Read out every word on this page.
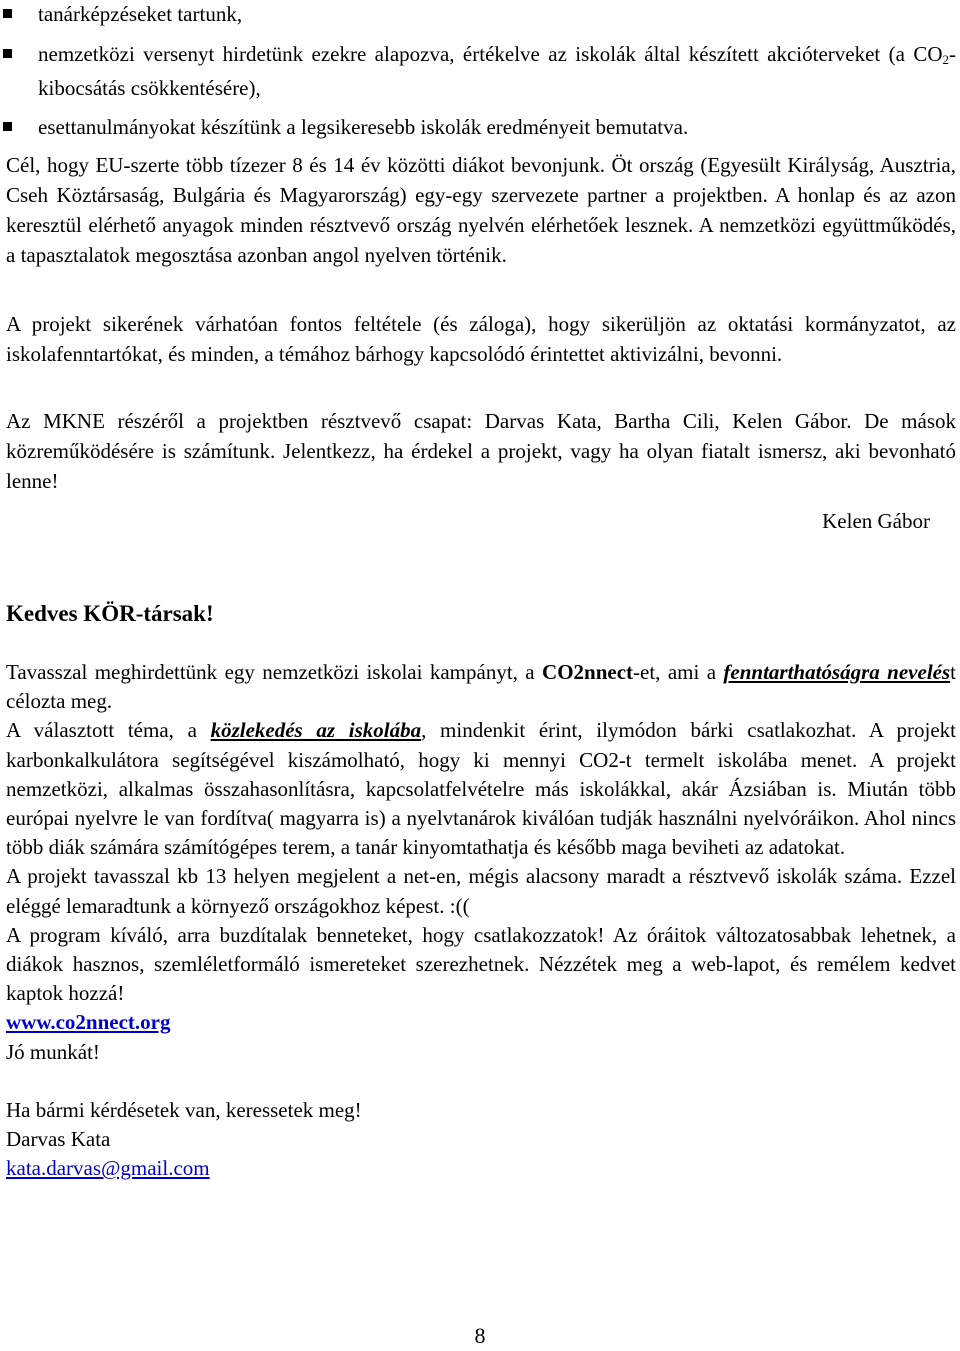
tanárképzéseket tartunk,
nemzetközi versenyt hirdetünk ezekre alapozva, értékelve az iskolák által készített akcióterveket (a $CO_2$-kibocsátás csökkentésére),
esettanulmányokat készítünk a legsikeresebb iskolák eredményeit bemutatva.
Cél, hogy EU-szerte több tízezer 8 és 14 év közötti diákot bevonjunk. Öt ország (Egyesült Királyság, Ausztria, Cseh Köztársaság, Bulgária és Magyarország) egy-egy szervezete partner a projektben. A honlap és az azon keresztül elérhető anyagok minden résztvevő ország nyelvén elérhetőek lesznek. A nemzetközi együttműködés, a tapasztalatok megosztása azonban angol nyelven történik.
A projekt sikerének várhatóan fontos feltétele (és záloga), hogy sikerüljön az oktatási kormányzatot, az iskolafenntartókat, és minden, a témához bárhogy kapcsolódó érintettet aktivizálni, bevonni.
Az MKNE részéről a projektben résztvevő csapat: Darvas Kata, Bartha Cili, Kelen Gábor. De mások közreműködésére is számítunk. Jelentkezz, ha érdekel a projekt, vagy ha olyan fiatalt ismersz, aki bevonható lenne!
Kelen Gábor
Kedves KÖR-társak!

Tavasszal meghirdettünk egy nemzetközi iskolai kampányt, a CO2nnect-et, ami a fenntarthatóságra nevelést célozta meg.

A választott téma, a közlekedés az iskolába, mindenkit érint, ilymódon bárki csatlakozhat. A projekt karbonkalkulátora segítségével kiszámolható, hogy ki mennyi CO2-t termelt iskolába menet. A projekt nemzetközi, alkalmas összahasonlításra, kapcsolatfelvételre más iskolákkal, akár Ázsiában is. Miután több európai nyelvre le van fordítva( magyarra is) a nyelvtanárok kiválóan tudják használni nyelvóráikon. Ahol nincs több diák számára számítógépes terem, a tanár kinyomtathatja és később maga beviheti az adatokat.

A projekt tavasszal kb 13 helyen megjelent a net-en, mégis alacsony maradt a résztvevő iskolák száma. Ezzel eléggé lemaradtunk a környező országokhoz képest. :((

A program kíváló, arra buzdítalak benneteket, hogy csatlakozzatok! Az óráitok változatosabbak lehetnek, a diákok hasznos, szemléletformáló ismereteket szerezhetnek. Nézzétek meg a web-lapot, és remélem kedvet kaptok hozzá!

www.co2nnect.org

Jó munkát!

Ha bármi kérdésetek van, keressetek meg!

Darvas Kata

kata.darvas@gmail.com

8
